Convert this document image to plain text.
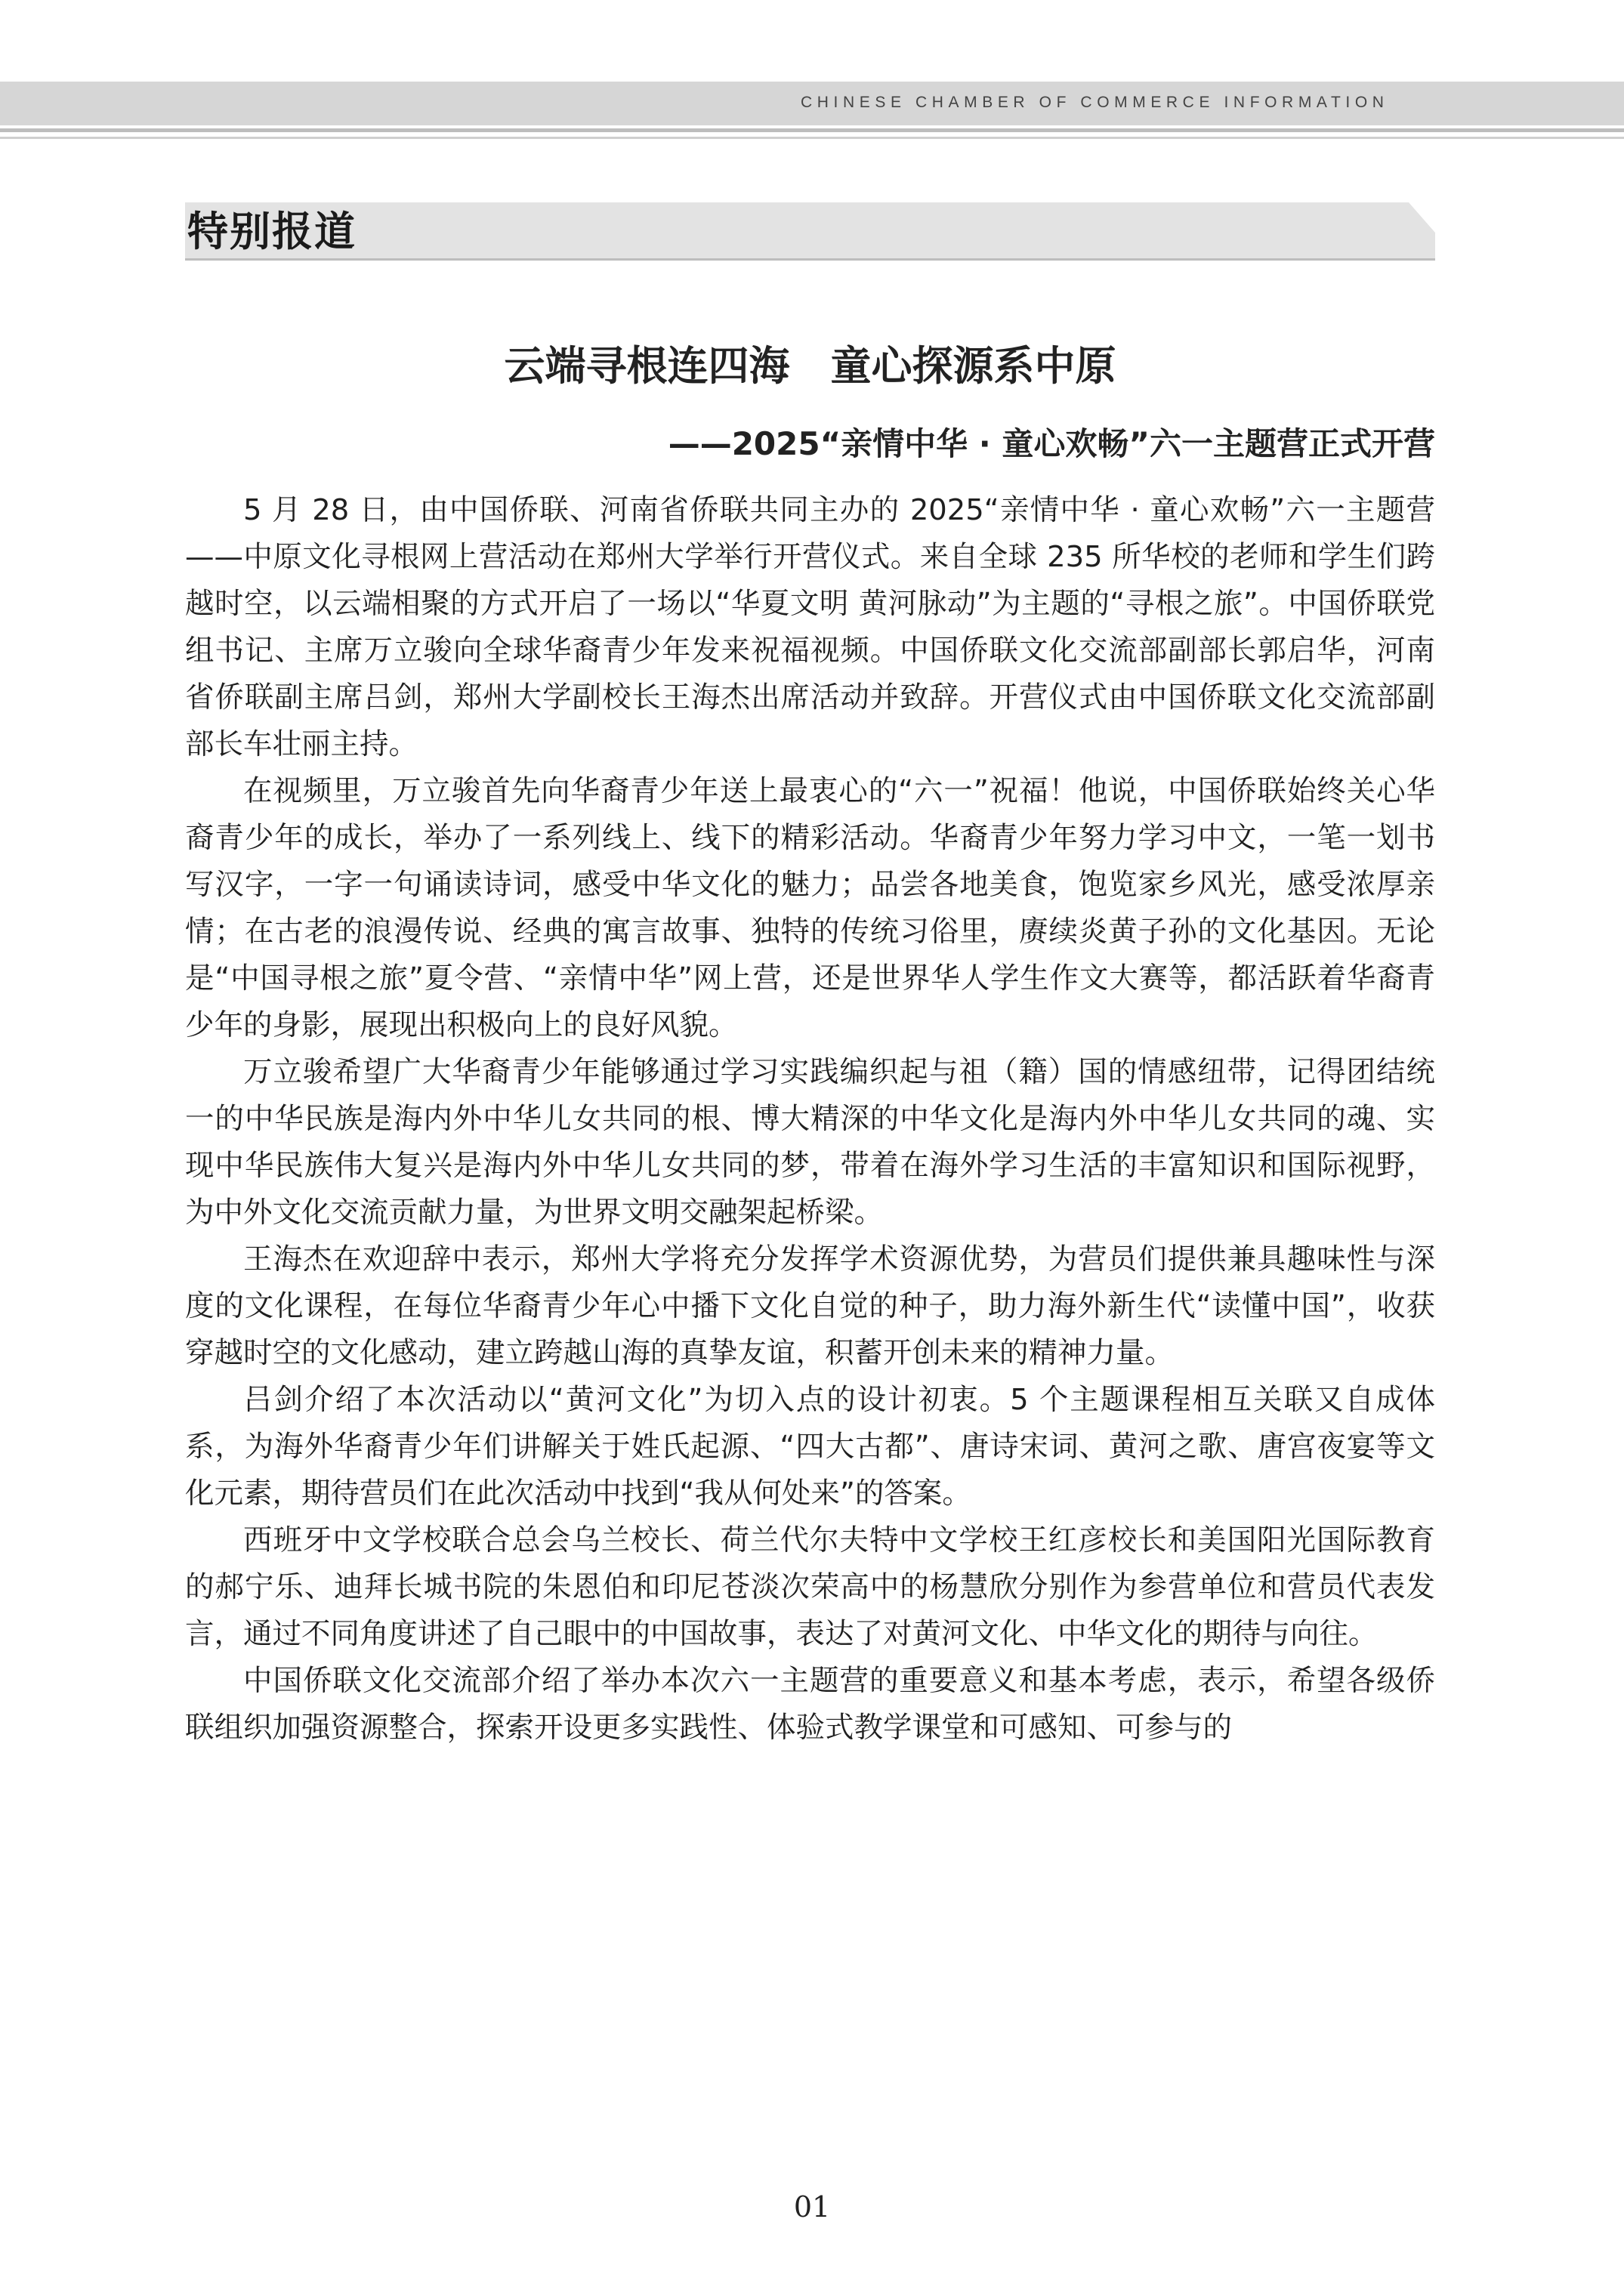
CHINESE CHAMBER OF COMMERCE INFORMATION
特别报道
云端寻根连四海　童心探源系中原
——2025“亲情中华 · 童心欢畅”六一主题营正式开营

5 月 28 日，由中国侨联、河南省侨联共同主办的 2025“亲情中华 · 童心欢畅”六一主题营——中原文化寻根网上营活动在郑州大学举行开营仪式。来自全球 235 所华校的老师和学生们跨越时空，以云端相聚的方式开启了一场以“华夏文明 黄河脉动”为主题的“寻根之旅”。中国侨联党组书记、主席万立骏向全球华裔青少年发来祝福视频。中国侨联文化交流部副部长郭启华，河南省侨联副主席吕剑，郑州大学副校长王海杰出席活动并致辞。开营仪式由中国侨联文化交流部副部长车壮丽主持。

在视频里，万立骏首先向华裔青少年送上最衷心的“六一”祝福！他说，中国侨联始终关心华裔青少年的成长，举办了一系列线上、线下的精彩活动。华裔青少年努力学习中文，一笔一划书写汉字，一字一句诵读诗词，感受中华文化的魅力；品尝各地美食，饱览家乡风光，感受浓厚亲情；在古老的浪漫传说、经典的寓言故事、独特的传统习俗里，赓续炎黄子孙的文化基因。无论是“中国寻根之旅”夏令营、“亲情中华”网上营，还是世界华人学生作文大赛等，都活跃着华裔青少年的身影，展现出积极向上的良好风貌。

万立骏希望广大华裔青少年能够通过学习实践编织起与祖（籍）国的情感纽带，记得团结统一的中华民族是海内外中华儿女共同的根、博大精深的中华文化是海内外中华儿女共同的魂、实现中华民族伟大复兴是海内外中华儿女共同的梦，带着在海外学习生活的丰富知识和国际视野，为中外文化交流贡献力量，为世界文明交融架起桥梁。

王海杰在欢迎辞中表示，郑州大学将充分发挥学术资源优势，为营员们提供兼具趣味性与深度的文化课程，在每位华裔青少年心中播下文化自觉的种子，助力海外新生代“读懂中国”，收获穿越时空的文化感动，建立跨越山海的真挚友谊，积蓄开创未来的精神力量。

吕剑介绍了本次活动以“黄河文化”为切入点的设计初衷。5 个主题课程相互关联又自成体系，为海外华裔青少年们讲解关于姓氏起源、“四大古都”、唐诗宋词、黄河之歌、唐宫夜宴等文化元素，期待营员们在此次活动中找到“我从何处来”的答案。

西班牙中文学校联合总会乌兰校长、荷兰代尔夫特中文学校王红彦校长和美国阳光国际教育的郝宁乐、迪拜长城书院的朱恩伯和印尼苍淡次荣高中的杨慧欣分别作为参营单位和营员代表发言，通过不同角度讲述了自己眼中的中国故事，表达了对黄河文化、中华文化的期待与向往。

中国侨联文化交流部介绍了举办本次六一主题营的重要意义和基本考虑，表示，希望各级侨联组织加强资源整合，探索开设更多实践性、体验式教学课堂和可感知、可参与的

01
